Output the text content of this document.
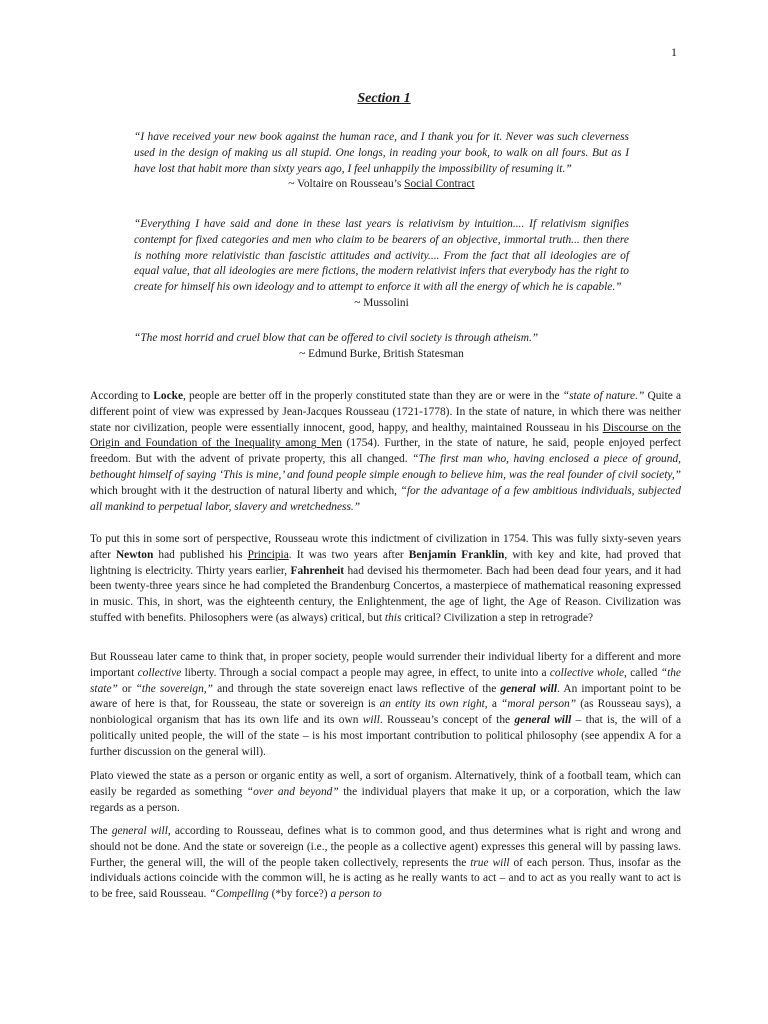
1
Section 1

“I have received your new book against the human race, and I thank you for it. Never was such cleverness used in the design of making us all stupid. One longs, in reading your book, to walk on all fours. But as I have lost that habit more than sixty years ago, I feel unhappily the impossibility of resuming it.”

~ Voltaire on Rousseau’s Social Contract

“Everything I have said and done in these last years is relativism by intuition.... If relativism signifies contempt for fixed categories and men who claim to be bearers of an objective, immortal truth... then there is nothing more relativistic than fascistic attitudes and activity.... From the fact that all ideologies are of equal value, that all ideologies are mere fictions, the modern relativist infers that everybody has the right to create for himself his own ideology and to attempt to enforce it with all the energy of which he is capable.”

~ Mussolini

“The most horrid and cruel blow that can be offered to civil society is through atheism.”

~ Edmund Burke, British Statesman

According to Locke, people are better off in the properly constituted state than they are or were in the “state of nature.” Quite a different point of view was expressed by Jean-Jacques Rousseau (1721-1778). In the state of nature, in which there was neither state nor civilization, people were essentially innocent, good, happy, and healthy, maintained Rousseau in his Discourse on the Origin and Foundation of the Inequality among Men (1754). Further, in the state of nature, he said, people enjoyed perfect freedom. But with the advent of private property, this all changed. “The first man who, having enclosed a piece of ground, bethought himself of saying ‘This is mine,’ and found people simple enough to believe him, was the real founder of civil society,” which brought with it the destruction of natural liberty and which, “for the advantage of a few ambitious individuals, subjected all mankind to perpetual labor, slavery and wretchedness.”

To put this in some sort of perspective, Rousseau wrote this indictment of civilization in 1754. This was fully sixty-seven years after Newton had published his Principia. It was two years after Benjamin Franklin, with key and kite, had proved that lightning is electricity. Thirty years earlier, Fahrenheit had devised his thermometer. Bach had been dead four years, and it had been twenty-three years since he had completed the Brandenburg Concertos, a masterpiece of mathematical reasoning expressed in music. This, in short, was the eighteenth century, the Enlightenment, the age of light, the Age of Reason. Civilization was stuffed with benefits. Philosophers were (as always) critical, but this critical? Civilization a step in retrograde?

But Rousseau later came to think that, in proper society, people would surrender their individual liberty for a different and more important collective liberty. Through a social compact a people may agree, in effect, to unite into a collective whole, called “the state” or “the sovereign,” and through the state sovereign enact laws reflective of the general will. An important point to be aware of here is that, for Rousseau, the state or sovereign is an entity its own right, a “moral person” (as Rousseau says), a nonbiological organism that has its own life and its own will. Rousseau’s concept of the general will – that is, the will of a politically united people, the will of the state – is his most important contribution to political philosophy (see appendix A for a further discussion on the general will).

Plato viewed the state as a person or organic entity as well, a sort of organism. Alternatively, think of a football team, which can easily be regarded as something “over and beyond” the individual players that make it up, or a corporation, which the law regards as a person.

The general will, according to Rousseau, defines what is to common good, and thus determines what is right and wrong and should not be done. And the state or sovereign (i.e., the people as a collective agent) expresses this general will by passing laws. Further, the general will, the will of the people taken collectively, represents the true will of each person. Thus, insofar as the individuals actions coincide with the common will, he is acting as he really wants to act – and to act as you really want to act is to be free, said Rousseau. “Compelling (*by force?) a person to
